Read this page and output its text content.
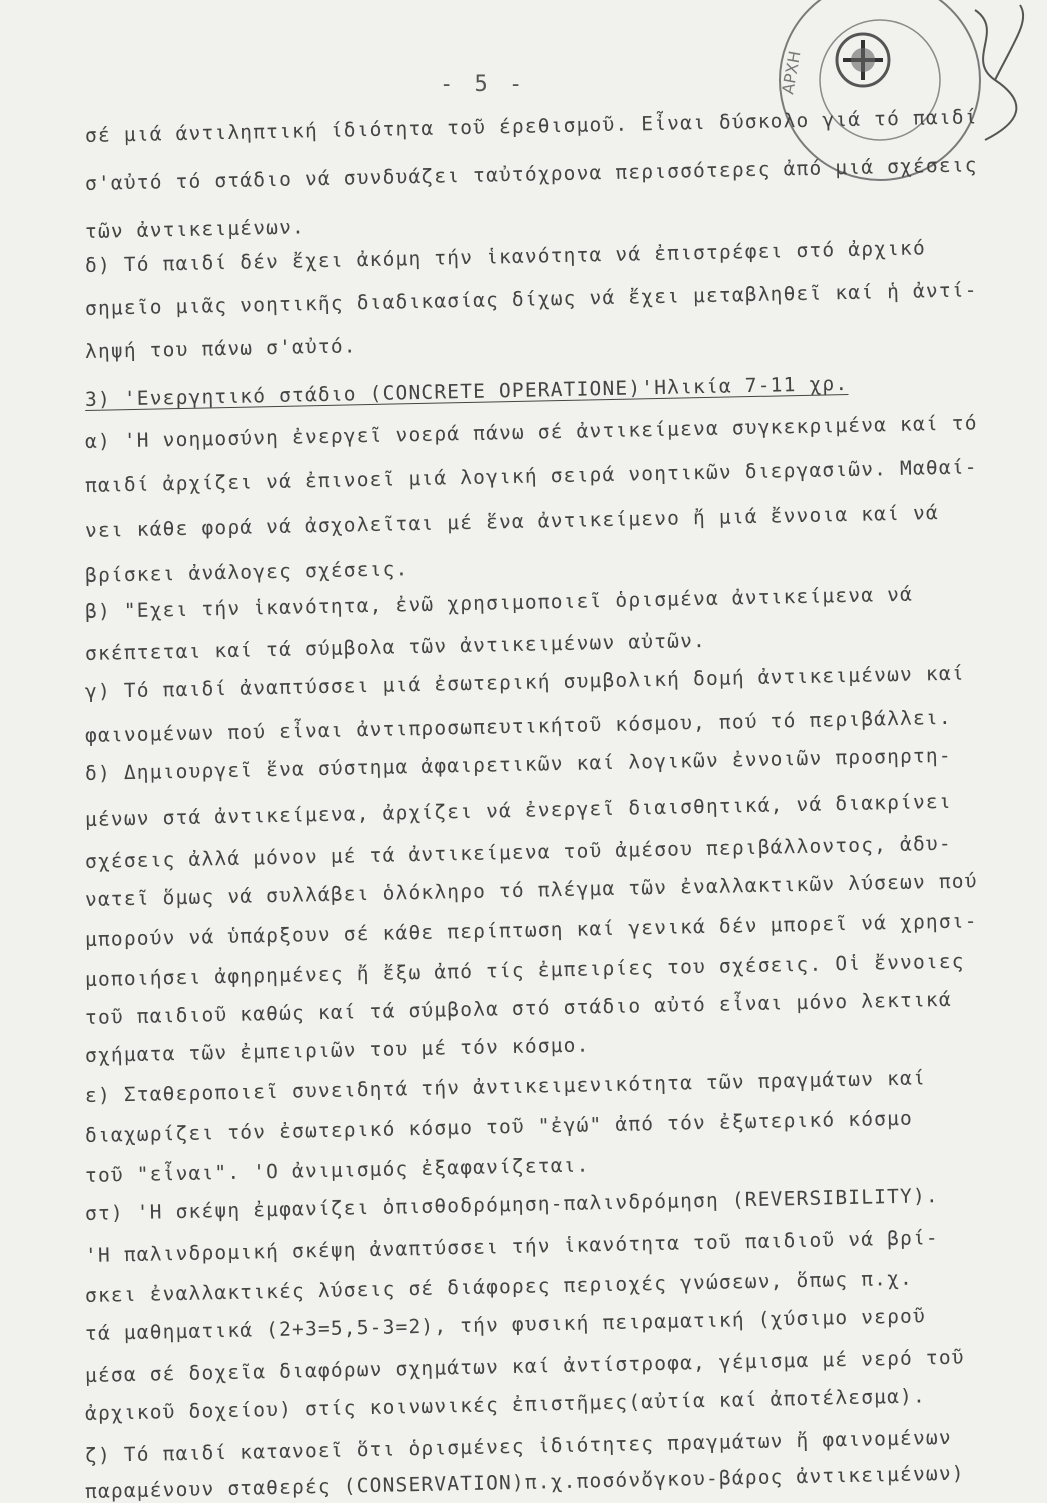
ΑΡΧΗ
- 5 -
σέ μιά άντιληπτική ίδιότητα τοῦ έρεθισμοῦ. Εἶναι δύσκολο γιά τό παιδί
σ'αὐτό τό στάδιο νά συνδυάζει ταὐτόχρονα περισσότερες ἀπό μιά σχέσεις
τῶν ἀντικειμένων.
δ) Τό παιδί δέν ἔχει ἀκόμη τήν ἱκανότητα νά ἐπιστρέφει στό ἀρχικό
σημεῖο μιᾶς νοητικῆς διαδικασίας δίχως νά ἔχει μεταβληθεῖ καί ἡ ἀντί-
ληψή του πάνω σ'αὐτό.
3) 'Ενεργητικό στάδιο (CONCRETE OPERATIONE)'Ηλικία 7-11 χρ.
α) 'Η νοημοσύνη ἐνεργεῖ νοερά πάνω σέ ἀντικείμενα συγκεκριμένα καί τό
παιδί ἀρχίζει νά ἐπινοεῖ μιά λογική σειρά νοητικῶν διεργασιῶν. Μαθαί-
νει κάθε φορά νά ἀσχολεῖται μέ ἕνα ἀντικείμενο ἤ μιά ἔννοια καί νά
βρίσκει ἀνάλογες σχέσεις.
β) "Εχει τήν ἱκανότητα, ἐνῶ χρησιμοποιεῖ ὁρισμένα ἀντικείμενα νά
σκέπτεται καί τά σύμβολα τῶν ἀντικειμένων αὐτῶν.
γ) Τό παιδί ἀναπτύσσει μιά ἐσωτερική συμβολική δομή ἀντικειμένων καί
φαινομένων πού εἶναι ἀντιπροσωπευτικήτοῦ κόσμου, πού τό περιβάλλει.
δ) Δημιουργεῖ ἕνα σύστημα ἀφαιρετικῶν καί λογικῶν ἐννοιῶν προσηρτη-
μένων στά ἀντικείμενα, ἀρχίζει νά ἐνεργεῖ διαισθητικά, νά διακρίνει
σχέσεις ἀλλά μόνον μέ τά ἀντικείμενα τοῦ ἀμέσου περιβάλλοντος, ἀδυ-
νατεῖ ὅμως νά συλλάβει ὁλόκληρο τό πλέγμα τῶν ἐναλλακτικῶν λύσεων πού
μπορούν νά ὑπάρξουν σέ κάθε περίπτωση καί γενικά δέν μπορεῖ νά χρησι-
μοποιήσει ἀφηρημένες ἤ ἔξω ἀπό τίς ἐμπειρίες του σχέσεις. Οἱ ἔννοιες
τοῦ παιδιοῦ καθώς καί τά σύμβολα στό στάδιο αὐτό εἶναι μόνο λεκτικά
σχήματα τῶν ἐμπειριῶν του μέ τόν κόσμο.
ε) Σταθεροποιεῖ συνειδητά τήν ἀντικειμενικότητα τῶν πραγμάτων καί
διαχωρίζει τόν ἐσωτερικό κόσμο τοῦ "ἐγώ" ἀπό τόν ἐξωτερικό κόσμο
τοῦ "εἶναι". 'Ο ἀνιμισμός ἐξαφανίζεται.
στ) 'Η σκέψη ἐμφανίζει ὀπισθοδρόμηση-παλινδρόμηση (REVERSIBILITY).
'Η παλινδρομική σκέψη ἀναπτύσσει τήν ἱκανότητα τοῦ παιδιοῦ νά βρί-
σκει ἐναλλακτικές λύσεις σέ διάφορες περιοχές γνώσεων, ὅπως π.χ.
τά μαθηματικά (2+3=5,5-3=2), τήν φυσική πειραματική (χύσιμο νεροῦ
μέσα σέ δοχεῖα διαφόρων σχημάτων καί ἀντίστροφα, γέμισμα μέ νερό τοῦ
ἀρχικοῦ δοχείου) στίς κοινωνικές ἐπιστῆμες(αὐτία καί ἀποτέλεσμα).
ζ) Τό παιδί κατανοεῖ ὅτι ὁρισμένες ἰδιότητες πραγμάτων ἤ φαινομένων
παραμένουν σταθερές (CONSERVATION)π.χ.ποσόνὄγκου-βάρος ἀντικειμένων)
